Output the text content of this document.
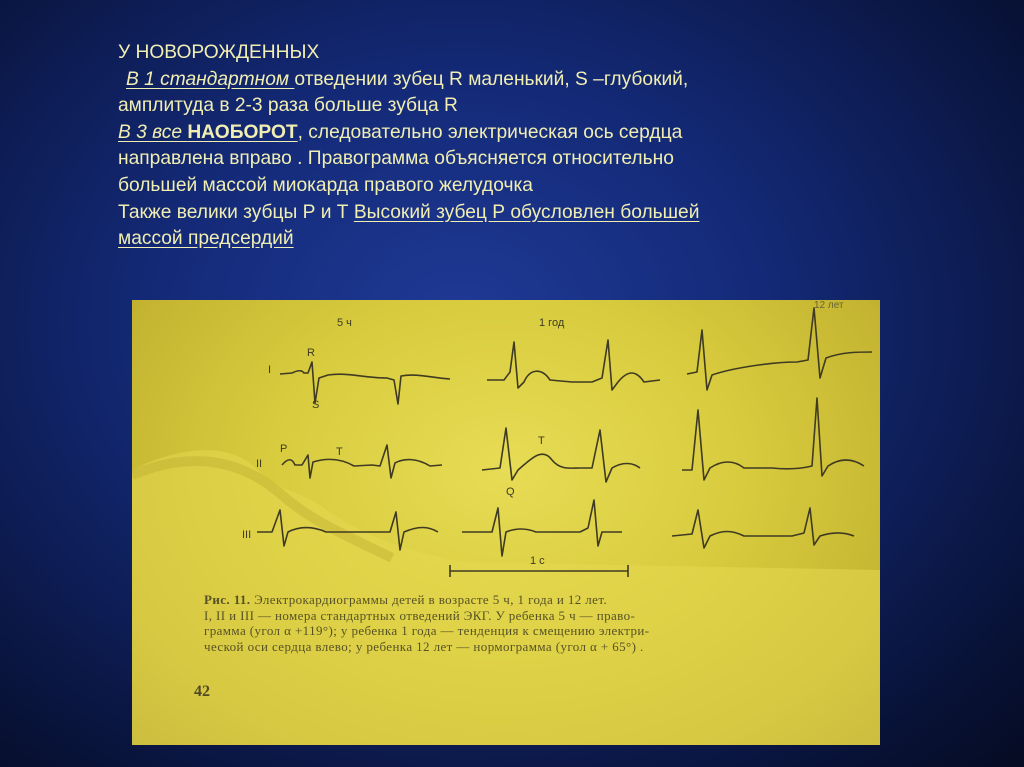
У НОВОРОЖДЕННЫХ
В 1 стандартном отведении зубец R маленький, S –глубокий,
амплитуда в 2-3 раза больше зубца R
В 3 все НАОБОРОТ, следовательно электрическая ось сердца
направлена вправо . Правограмма объясняется относительно
большей массой миокарда правого желудочка
Также велики зубцы Р и Т Высокий зубец Р обусловлен большей
массой предсердий
5 ч	1 год
12 лет
I
II
III
R
S
P	T
T
Q
1 с
Рис. 11. Электрокардиограммы детей в возрасте 5 ч, 1 года и 12 лет.
I, II и III — номера стандартных отведений ЭКГ. У ребенка 5 ч — право-
грамма (угол α +119°); у ребенка 1 года — тенденция к смещению электри-
ческой оси сердца влево; у ребенка 12 лет — нормограмма (угол α + 65°) .
42
